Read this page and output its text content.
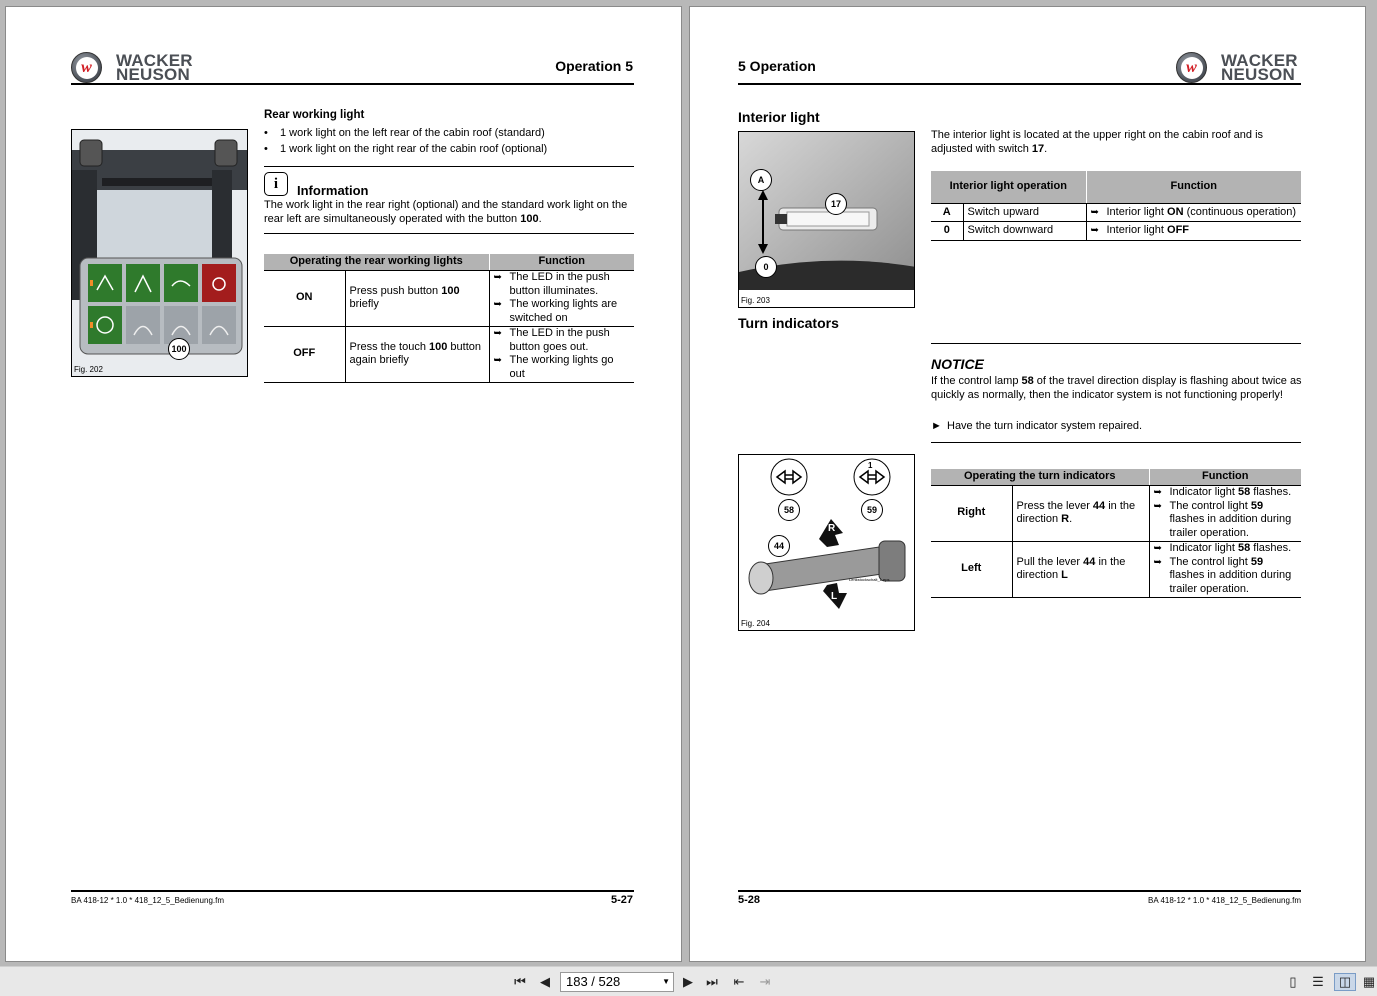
w	WACKER
NEUSON	Operation 5
100
Fig. 202
Rear working light
•	1 work light on the left rear of the cabin roof (standard)
•	1 work light on the right rear of the cabin roof (optional)
i	Information
The work light in the rear right (optional) and the standard work light on the rear left are simultaneously operated with the button 100.
Operating the rear working lights		Function
ON	Press push button 100 briefly	➥ The LED in the push button illuminates.
➥ The working lights are switched on

OFF	Press the touch 100 button again briefly	➥ The LED in the push button goes out.
➥ The working lights go out
BA 418-12 * 1.0 * 418_12_5_Bedienung.fm	5-27
5 Operation	w	WACKER
NEUSON
Interior light
A
17
0
Fig. 203
The interior light is located at the upper right on the cabin roof and is adjusted with switch 17.
Interior light operation		Function
A	Switch upward	➥ Interior light ON (continuous operation)

0	Switch downward	➥ Interior light OFF
Turn indicators
NOTICE
If the control lamp 58 of the travel direction display is flashing about twice as quickly as normally, then the indicator system is not functioning properly!
► Have the turn indicator system repaired.
58	59
44
R
L
1
Lenkstockschalt_1.eps
Fig. 204
Operating the turn indicators		Function
Right	Press the lever 44 in the direction R.	➥ Indicator light 58 flashes.
➥ The control light 59 flashes in addition during trailer operation.

Left	Pull the lever 44 in the direction L	➥ Indicator light 58 flashes.
➥ The control light 59 flashes in addition during trailer operation.
5-28	BA 418-12 * 1.0 * 418_12_5_Bedienung.fm
⏮	◀	183 / 528	▼	▶	⏭ ⇤ ⇥	▯	☰	◫ ▦
